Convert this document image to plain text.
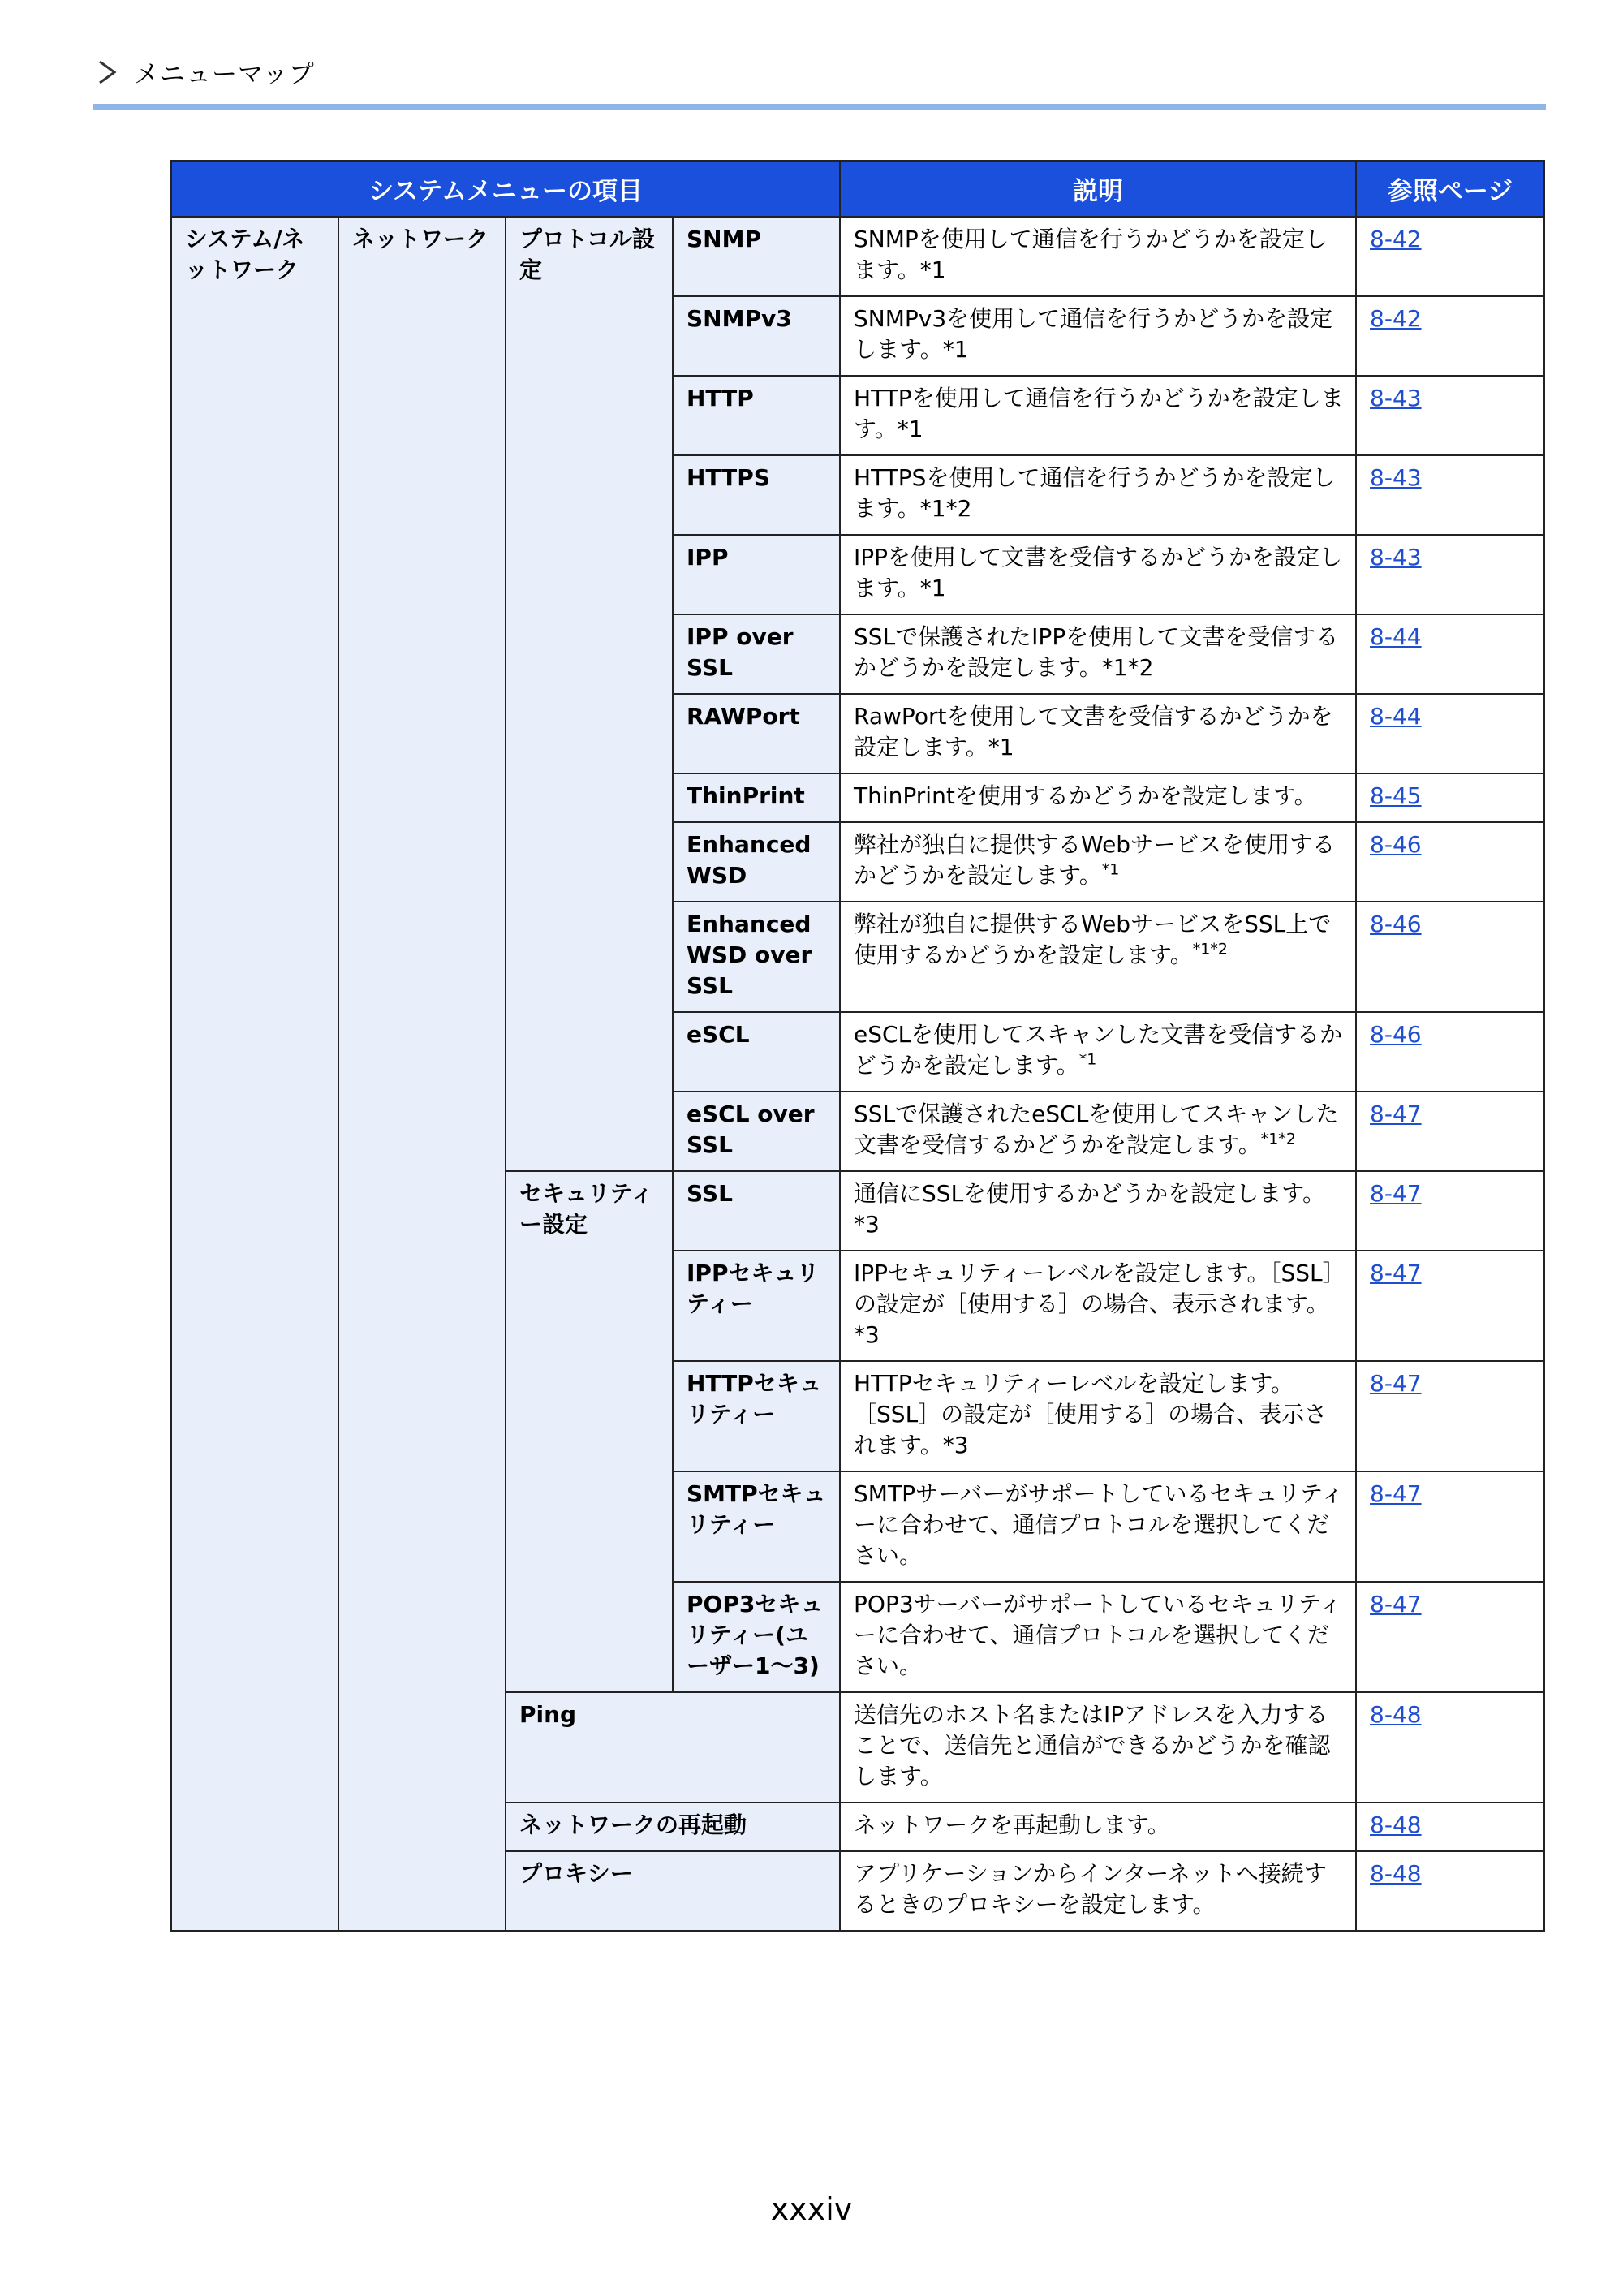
メニューマップ
システムメニューの項目				説明	参照ページ
システム/ネットワーク	ネットワーク	プロトコル設定	SNMP	SNMPを使用して通信を行うかどうかを設定します。*1	8-42
			SNMPv3	SNMPv3を使用して通信を行うかどうかを設定します。*1	8-42
			HTTP	HTTPを使用して通信を行うかどうかを設定します。*1	8-43
			HTTPS	HTTPSを使用して通信を行うかどうかを設定します。*1*2	8-43
			IPP	IPPを使用して文書を受信するかどうかを設定します。*1	8-43
			IPP over SSL	SSLで保護されたIPPを使用して文書を受信するかどうかを設定します。*1*2	8-44
			RAWPort	RawPortを使用して文書を受信するかどうかを設定します。*1	8-44
			ThinPrint	ThinPrintを使用するかどうかを設定します。	8-45
			Enhanced WSD	弊社が独自に提供するWebサービスを使用するかどうかを設定します。$^{*1}$	8-46
			Enhanced WSD over SSL	弊社が独自に提供するWebサービスをSSL上で使用するかどうかを設定します。$^{*1*2}$	8-46
			eSCL	eSCLを使用してスキャンした文書を受信するかどうかを設定します。$^{*1}$	8-46
			eSCL over SSL	SSLで保護されたeSCLを使用してスキャンした文書を受信するかどうかを設定します。$^{*1*2}$	8-47
		セキュリティー設定	SSL	通信にSSLを使用するかどうかを設定します。*3	8-47
			IPPセキュリティー	IPPセキュリティーレベルを設定します。［SSL］の設定が［使用する］の場合、表示されます。*3	8-47
			HTTPセキュリティー	HTTPセキュリティーレベルを設定します。［SSL］の設定が［使用する］の場合、表示されます。*3	8-47
			SMTPセキュリティー	SMTPサーバーがサポートしているセキュリティーに合わせて、通信プロトコルを選択してください。	8-47
			POP3セキュリティー(ユーザー1〜3)	POP3サーバーがサポートしているセキュリティーに合わせて、通信プロトコルを選択してください。	8-47
		Ping		送信先のホスト名またはIPアドレスを入力することで、送信先と通信ができるかどうかを確認します。	8-48
		ネットワークの再起動		ネットワークを再起動します。	8-48
		プロキシー		アプリケーションからインターネットへ接続するときのプロキシーを設定します。	8-48
xxxiv
